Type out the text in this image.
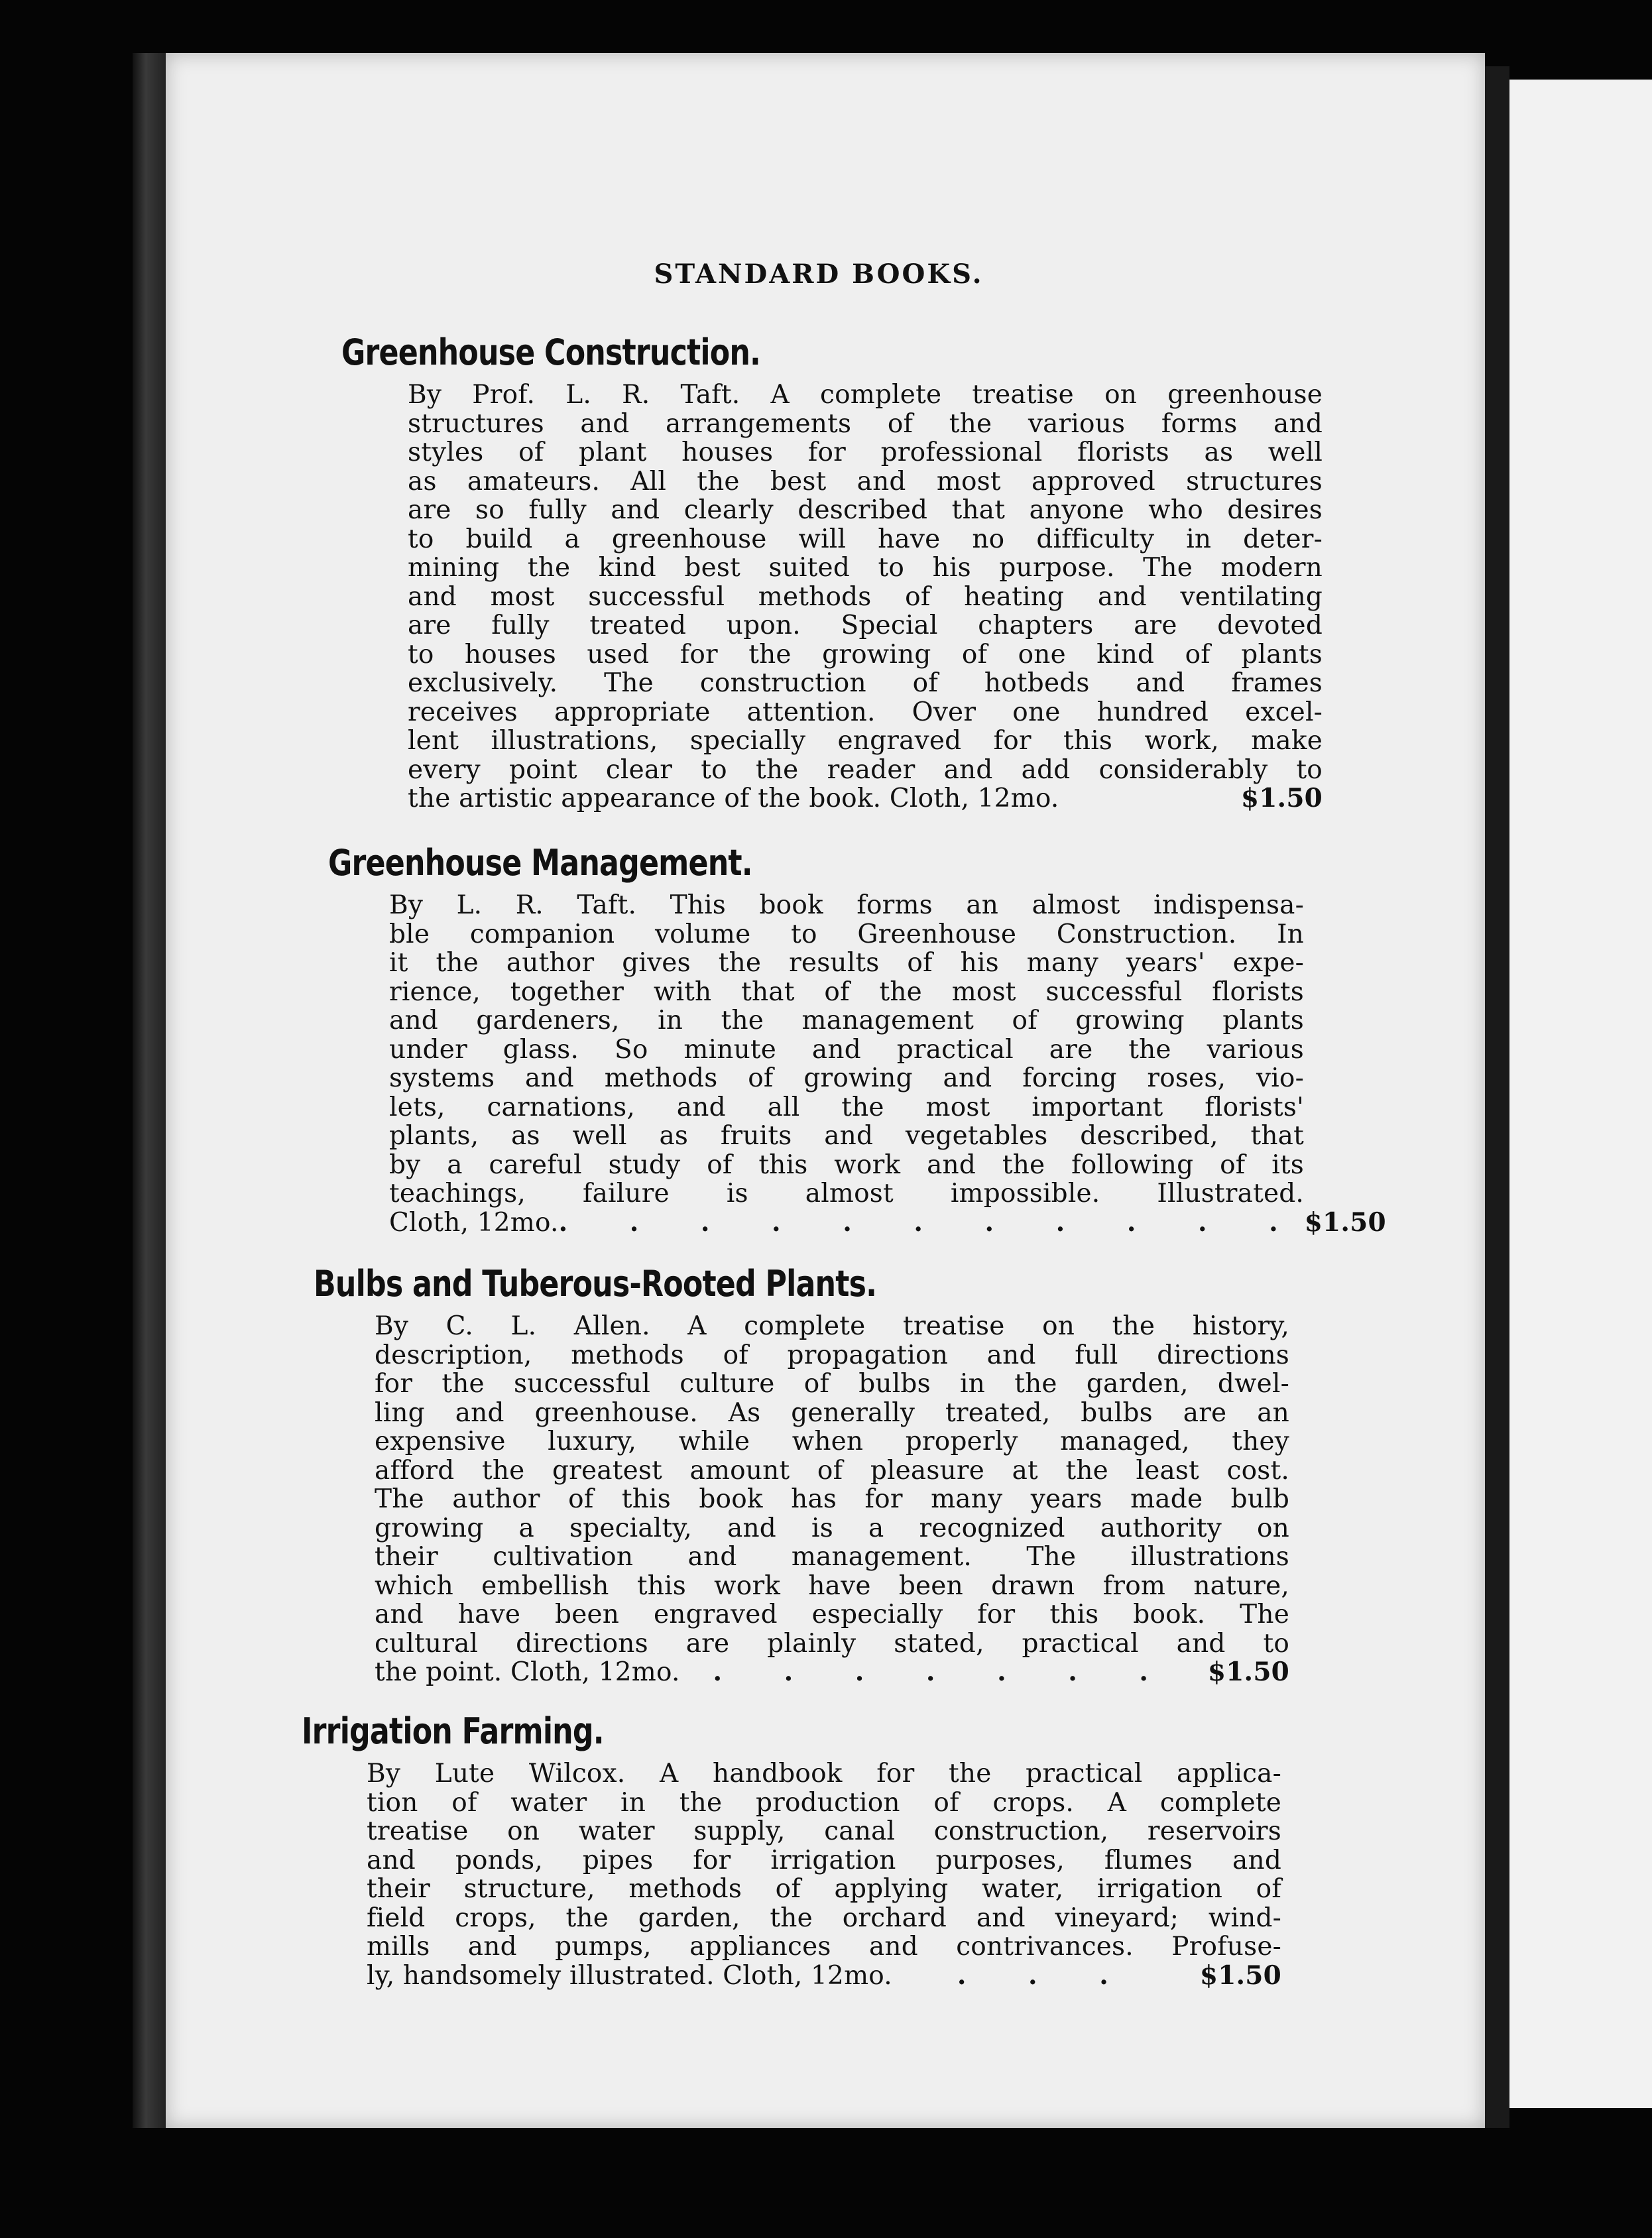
STANDARD BOOKS.
Greenhouse Construction.
By Prof. L. R. Taft. A complete treatise on greenhouse
structures and arrangements of the various forms and
styles of plant houses for professional florists as well
as amateurs. All the best and most approved structures
are so fully and clearly described that anyone who desires
to build a greenhouse will have no difficulty in deter-
mining the kind best suited to his purpose. The modern
and most successful methods of heating and ventilating
are fully treated upon. Special chapters are devoted
to houses used for the growing of one kind of plants
exclusively. The construction of hotbeds and frames
receives appropriate attention. Over one hundred excel-
lent illustrations, specially engraved for this work, make
every point clear to the reader and add considerably to
the artistic appearance of the book. Cloth, 12mo.	$1.50
Greenhouse Management.
By L. R. Taft. This book forms an almost indispensa-
ble companion volume to Greenhouse Construction. In
it the author gives the results of his many years' expe-
rience, together with that of the most successful florists
and gardeners, in the management of growing plants
under glass. So minute and practical are the various
systems and methods of growing and forcing roses, vio-
lets, carnations, and all the most important florists'
plants, as well as fruits and vegetables described, that
by a careful study of this work and the following of its
teachings, failure is almost impossible. Illustrated.
Cloth, 12mo. . . . . . . . . . . . $1.50
Bulbs and Tuberous-Rooted Plants.
By C. L. Allen. A complete treatise on the history,
description, methods of propagation and full directions
for the successful culture of bulbs in the garden, dwel-
ling and greenhouse. As generally treated, bulbs are an
expensive luxury, while when properly managed, they
afford the greatest amount of pleasure at the least cost.
The author of this book has for many years made bulb
growing a specialty, and is a recognized authority on
their cultivation and management. The illustrations
which embellish this work have been drawn from nature,
and have been engraved especially for this book. The
cultural directions are plainly stated, practical and to
the point. Cloth, 12mo. . . . . . . . $1.50
Irrigation Farming.
By Lute Wilcox. A handbook for the practical applica-
tion of water in the production of crops. A complete
treatise on water supply, canal construction, reservoirs
and ponds, pipes for irrigation purposes, flumes and
their structure, methods of applying water, irrigation of
field crops, the garden, the orchard and vineyard; wind-
mills and pumps, appliances and contrivances. Profuse-
ly, handsomely illustrated. Cloth, 12mo.	. . .	$1.50
